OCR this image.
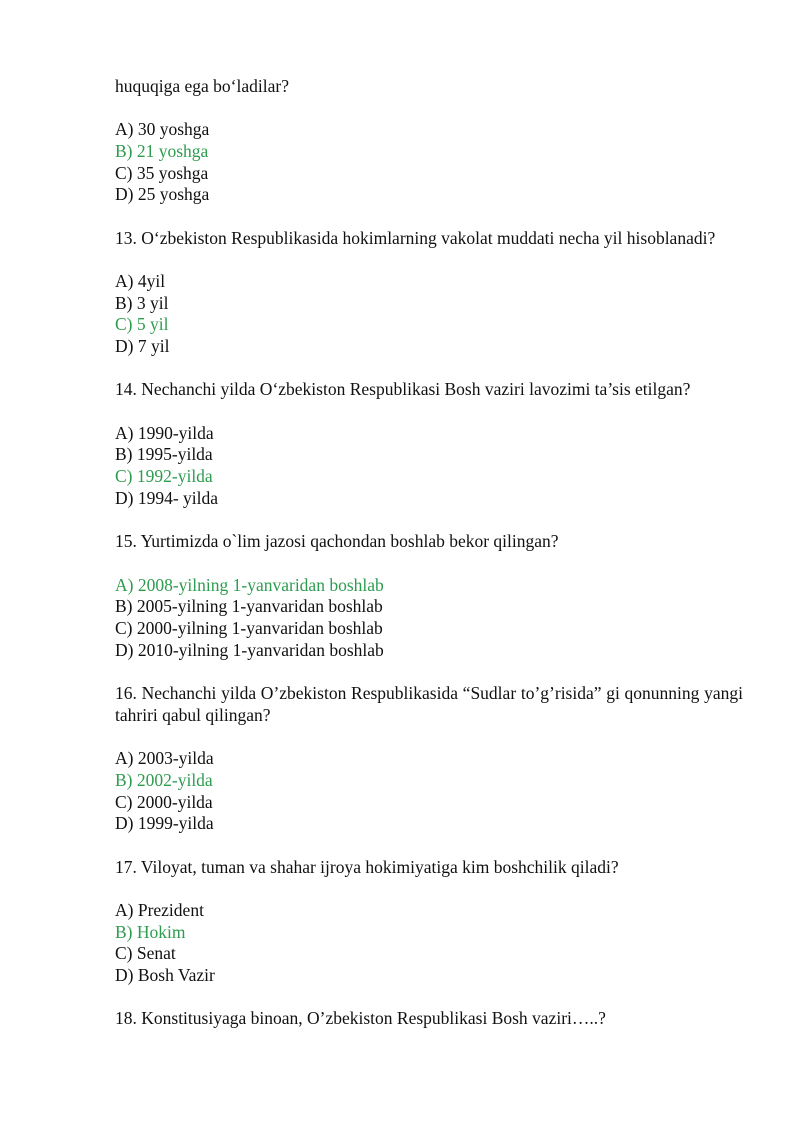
huquqiga ega bo‘ladilar?

A) 30 yoshga

B) 21 yoshga

C) 35 yoshga

D) 25 yoshga

13. O‘zbekiston Respublikasida hokimlarning vakolat muddati necha yil hisoblanadi?

A) 4yil

B) 3 yil

C) 5 yil

D) 7 yil

14. Nechanchi yilda O‘zbekiston Respublikasi Bosh vaziri lavozimi ta’sis etilgan?

A) 1990-yilda

B) 1995-yilda

C) 1992-yilda

D) 1994- yilda

15. Yurtimizda o`lim jazosi qachondan boshlab bekor qilingan?

A) 2008-yilning 1-yanvaridan boshlab

B) 2005-yilning 1-yanvaridan boshlab

C) 2000-yilning 1-yanvaridan boshlab

D) 2010-yilning 1-yanvaridan boshlab

16. Nechanchi yilda O’zbekiston Respublikasida “Sudlar to’g’risida” gi qonunning yangi tahriri qabul qilingan?

A) 2003-yilda

B) 2002-yilda

C) 2000-yilda

D) 1999-yilda

17. Viloyat, tuman va shahar ijroya hokimiyatiga kim boshchilik qiladi?

A) Prezident

B) Hokim

C) Senat

D) Bosh Vazir

18. Konstitusiyaga binoan, O’zbekiston Respublikasi Bosh vaziri…..?
